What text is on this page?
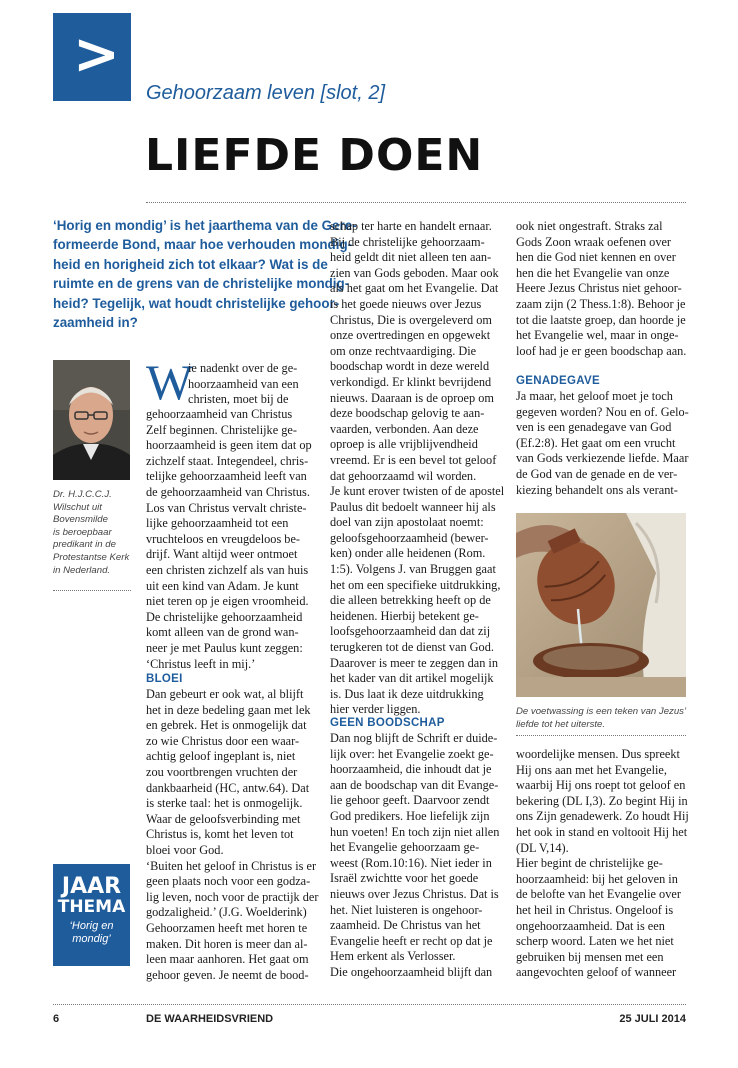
>
Gehoorzaam leven [slot, 2]
LIEFDE DOEN
‘Horig en mondig’ is het jaarthema van de Gere-
formeerde Bond, maar hoe verhouden mondig-
heid en horigheid zich tot elkaar? Wat is de
ruimte en de grens van de christelijke mondig-
heid? Tegelijk, wat houdt christelijke gehoor-
zaamheid in?
Dr. H.J.C.C.J.
Wilschut uit
Bovensmilde
is beroepbaar
predikant in de
Protestantse Kerk
in Nederland.
JAAR
THEMA
‘Horig en
mondig’
W
ie nadenkt over de ge-
hoorzaamheid van een
christen, moet bij de
gehoorzaamheid van Christus
Zelf beginnen. Christelijke ge-
hoorzaamheid is geen item dat op
zichzelf staat. Integendeel, chris-
telijke gehoorzaamheid leeft van
de gehoorzaamheid van Christus.
Los van Christus vervalt christe-
lijke gehoorzaamheid tot een
vruchteloos en vreugdeloos be-
drijf. Want altijd weer ontmoet
een christen zichzelf als van huis
uit een kind van Adam. Je kunt
niet teren op je eigen vroomheid.
De christelijke gehoorzaamheid
komt alleen van de grond wan-
neer je met Paulus kunt zeggen:
‘Christus leeft in mij.’
BLOEI
Dan gebeurt er ook wat, al blijft
het in deze bedeling gaan met lek
en gebrek. Het is onmogelijk dat
zo wie Christus door een waar-
achtig geloof ingeplant is, niet
zou voortbrengen vruchten der
dankbaarheid (HC, antw.64). Dat
is sterke taal: het is onmogelijk.
Waar de geloofsverbinding met
Christus is, komt het leven tot
bloei voor God.
‘Buiten het geloof in Christus is er
geen plaats noch voor een godza-
lig leven, noch voor de practijk der
godzaligheid.’ (J.G. Woelderink)
Gehoorzamen heeft met horen te
maken. Dit horen is meer dan al-
leen maar aanhoren. Het gaat om
gehoor geven. Je neemt de bood-
schap ter harte en handelt ernaar.
Bij de christelijke gehoorzaam-
heid geldt dit niet alleen ten aan-
zien van Gods geboden. Maar ook
als het gaat om het Evangelie. Dat
is het goede nieuws over Jezus
Christus, Die is overgeleverd om
onze overtredingen en opgewekt
om onze rechtvaardiging. Die
boodschap wordt in deze wereld
verkondigd. Er klinkt bevrijdend
nieuws. Daaraan is de oproep om
deze boodschap gelovig te aan-
vaarden, verbonden. Aan deze
oproep is alle vrijblijvendheid
vreemd. Er is een bevel tot geloof
dat gehoorzaamd wil worden.
Je kunt erover twisten of de apostel
Paulus dit bedoelt wanneer hij als
doel van zijn apostolaat noemt:
geloofsgehoorzaamheid (bewer-
ken) onder alle heidenen (Rom.
1:5). Volgens J. van Bruggen gaat
het om een specifieke uitdrukking,
die alleen betrekking heeft op de
heidenen. Hierbij betekent ge-
loofsgehoorzaamheid dan dat zij
terugkeren tot de dienst van God.
Daarover is meer te zeggen dan in
het kader van dit artikel mogelijk
is. Dus laat ik deze uitdrukking
hier verder liggen.
GEEN BOODSCHAP
Dan nog blijft de Schrift er duide-
lijk over: het Evangelie zoekt ge-
hoorzaamheid, die inhoudt dat je
aan de boodschap van dit Evange-
lie gehoor geeft. Daarvoor zendt
God predikers. Hoe liefelijk zijn
hun voeten! En toch zijn niet allen
het Evangelie gehoorzaam ge-
weest (Rom.10:16). Niet ieder in
Israël zwichtte voor het goede
nieuws over Jezus Christus. Dat is
het. Niet luisteren is ongehoor-
zaamheid. De Christus van het
Evangelie heeft er recht op dat je
Hem erkent als Verlosser.
Die ongehoorzaamheid blijft dan
ook niet ongestraft. Straks zal
Gods Zoon wraak oefenen over
hen die God niet kennen en over
hen die het Evangelie van onze
Heere Jezus Christus niet gehoor-
zaam zijn (2 Thess.1:8). Behoor je
tot die laatste groep, dan hoorde je
het Evangelie wel, maar in onge-
loof had je er geen boodschap aan.
GENADEGAVE
Ja maar, het geloof moet je toch
gegeven worden? Nou en of. Gelo-
ven is een genadegave van God
(Ef.2:8). Het gaat om een vrucht
van Gods verkiezende liefde. Maar
de God van de genade en de ver-
kiezing behandelt ons als verant-
De voetwassing is een teken van Jezus’
liefde tot het uiterste.
woordelijke mensen. Dus spreekt
Hij ons aan met het Evangelie,
waarbij Hij ons roept tot geloof en
bekering (DL I,3). Zo begint Hij in
ons Zijn genadewerk. Zo houdt Hij
het ook in stand en voltooit Hij het
(DL V,14).
Hier begint de christelijke ge-
hoorzaamheid: bij het geloven in
de belofte van het Evangelie over
het heil in Christus. Ongeloof is
ongehoorzaamheid. Dat is een
scherp woord. Laten we het niet
gebruiken bij mensen met een
aangevochten geloof of wanneer
6	DE WAARHEIDSVRIEND	25 JULI 2014
